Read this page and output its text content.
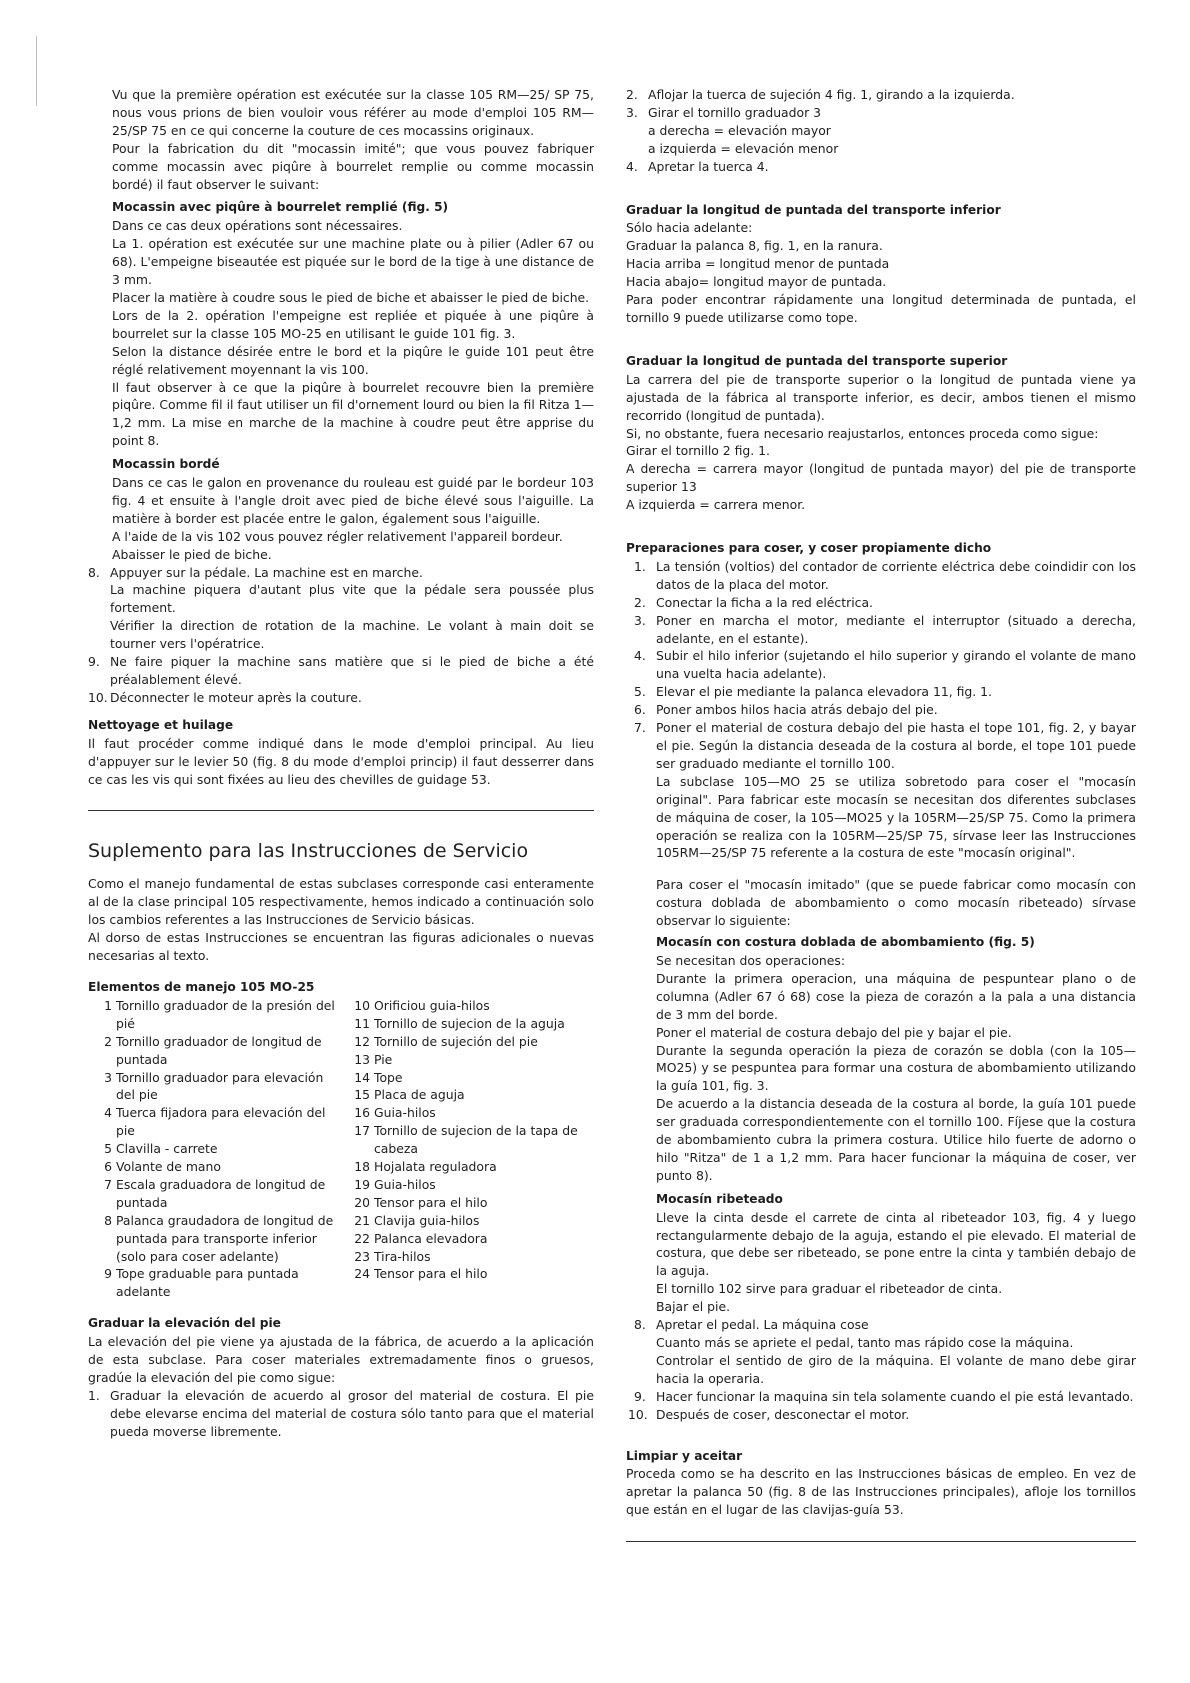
Vu que la première opération est exécutée sur la classe 105 RM—25/ SP 75, nous vous prions de bien vouloir vous référer au mode d'emploi 105 RM—25/SP 75 en ce qui concerne la couture de ces mocassins originaux.

Pour la fabrication du dit "mocassin imité"; que vous pouvez fabriquer comme mocassin avec piqûre à bourrelet remplie ou comme mocassin bordé) il faut observer le suivant:

Mocassin avec piqûre à bourrelet remplié (fig. 5)

Dans ce cas deux opérations sont nécessaires.

La 1. opération est exécutée sur une machine plate ou à pilier (Adler 67 ou 68). L'empeigne biseautée est piquée sur le bord de la tige à une distance de 3 mm.

Placer la matière à coudre sous le pied de biche et abaisser le pied de biche.

Lors de la 2. opération l'empeigne est repliée et piquée à une piqûre à bourrelet sur la classe 105 MO-25 en utilisant le guide 101 fig. 3.

Selon la distance désirée entre le bord et la piqûre le guide 101 peut être réglé relativement moyennant la vis 100.

Il faut observer à ce que la piqûre à bourrelet recouvre bien la première piqûre. Comme fil il faut utiliser un fil d'ornement lourd ou bien la fil Ritza 1—1,2 mm. La mise en marche de la machine à coudre peut être apprise du point 8.

Mocassin bordé

Dans ce cas le galon en provenance du rouleau est guidé par le bordeur 103 fig. 4 et ensuite à l'angle droit avec pied de biche élevé sous l'aiguille. La matière à border est placée entre le galon, également sous l'aiguille.

A l'aide de la vis 102 vous pouvez régler relativement l'appareil bordeur.

Abaisser le pied de biche.

8. Appuyer sur la pédale. La machine est en marche.
La machine piquera d'autant plus vite que la pédale sera poussée plus fortement.
Vérifier la direction de rotation de la machine. Le volant à main doit se tourner vers l'opératrice.
9. Ne faire piquer la machine sans matière que si le pied de biche a été préalablement élevé.
10. Déconnecter le moteur après la couture.
Nettoyage et huilage

Il faut procéder comme indiqué dans le mode d'emploi principal. Au lieu d'appuyer sur le levier 50 (fig. 8 du mode d'emploi princip) il faut desserrer dans ce cas les vis qui sont fixées au lieu des chevilles de guidage 53.

Suplemento para las Instrucciones de Servicio

Como el manejo fundamental de estas subclases corresponde casi enteramente al de la clase principal 105 respectivamente, hemos indicado a continuación solo los cambios referentes a las Instrucciones de Servicio básicas.

Al dorso de estas Instrucciones se encuentran las figuras adicionales o nuevas necesarias al texto.

Elementos de manejo 105 MO-25
1 Tornillo graduador de la presión del pié
2 Tornillo graduador de longitud de puntada
3 Tornillo graduador para elevación del pie
4 Tuerca fijadora para elevación del pie
5 Clavilla - carrete
6 Volante de mano
7 Escala graduadora de longitud de puntada
8 Palanca graudadora de longitud de puntada para transporte inferior (solo para coser adelante)
9 Tope graduable para puntada adelante
10 Orificiou guia-hilos
11 Tornillo de sujecion de la aguja
12 Tornillo de sujeción del pie
13 Pie
14 Tope
15 Placa de aguja
16 Guia-hilos
17 Tornillo de sujecion de la tapa de cabeza
18 Hojalata reguladora
19 Guia-hilos
20 Tensor para el hilo
21 Clavija guia-hilos
22 Palanca elevadora
23 Tira-hilos
24 Tensor para el hilo
Graduar la elevación del pie

La elevación del pie viene ya ajustada de la fábrica, de acuerdo a la aplicación de esta subclase. Para coser materiales extremadamente finos o gruesos, gradúe la elevación del pie como sigue:

1. Graduar la elevación de acuerdo al grosor del material de costura. El pie debe elevarse encima del material de costura sólo tanto para que el material pueda moverse libremente.
2. Aflojar la tuerca de sujeción 4 fig. 1, girando a la izquierda.
3. Girar el tornillo graduador 3
a derecha = elevación mayor
a izquierda = elevación menor
4. Apretar la tuerca 4.
Graduar la longitud de puntada del transporte inferior

Sólo hacia adelante:

Graduar la palanca 8, fig. 1, en la ranura.

Hacia arriba = longitud menor de puntada

Hacia abajo= longitud mayor de puntada.

Para poder encontrar rápidamente una longitud determinada de puntada, el tornillo 9 puede utilizarse como tope.

Graduar la longitud de puntada del transporte superior

La carrera del pie de transporte superior o la longitud de puntada viene ya ajustada de la fábrica al transporte inferior, es decir, ambos tienen el mismo recorrido (longitud de puntada).

Si, no obstante, fuera necesario reajustarlos, entonces proceda como sigue:

Girar el tornillo 2 fig. 1.

A derecha = carrera mayor (longitud de puntada mayor) del pie de transporte superior 13

A izquierda = carrera menor.

Preparaciones para coser, y coser propiamente dicho
1. La tensión (voltios) del contador de corriente eléctrica debe coindidir con los datos de la placa del motor.
2. Conectar la ficha a la red eléctrica.
3. Poner en marcha el motor, mediante el interruptor (situado a derecha, adelante, en el estante).
4. Subir el hilo inferior (sujetando el hilo superior y girando el volante de mano una vuelta hacia adelante).
5. Elevar el pie mediante la palanca elevadora 11, fig. 1.
6. Poner ambos hilos hacia atrás debajo del pie.
7. Poner el material de costura debajo del pie hasta el tope 101, fig. 2, y bayar el pie. Según la distancia deseada de la costura al borde, el tope 101 puede ser graduado mediante el tornillo 100.

La subclase 105—MO 25 se utiliza sobretodo para coser el "mocasín original". Para fabricar este mocasín se necesitan dos diferentes subclases de máquina de coser, la 105—MO25 y la 105RM—25/SP 75. Como la primera operación se realiza con la 105RM—25/SP 75, sírvase leer las Instrucciones 105RM—25/SP 75 referente a la costura de este "mocasín original".

Para coser el "mocasín imitado" (que se puede fabricar como mocasín con costura doblada de abombamiento o como mocasín ribeteado) sírvase observar lo siguiente:

Mocasín con costura doblada de abombamiento (fig. 5)

Se necesitan dos operaciones:

Durante la primera operacion, una máquina de pespuntear plano o de columna (Adler 67 ó 68) cose la pieza de corazón a la pala a una distancia de 3 mm del borde.

Poner el material de costura debajo del pie y bajar el pie.

Durante la segunda operación la pieza de corazón se dobla (con la 105—MO25) y se pespuntea para formar una costura de abombamiento utilizando la guía 101, fig. 3.

De acuerdo a la distancia deseada de la costura al borde, la guía 101 puede ser graduada correspondientemente con el tornillo 100. Fíjese que la costura de abombamiento cubra la primera costura. Utilice hilo fuerte de adorno o hilo "Ritza" de 1 a 1,2 mm. Para hacer funcionar la máquina de coser, ver punto 8).

Mocasín ribeteado

Lleve la cinta desde el carrete de cinta al ribeteador 103, fig. 4 y luego rectangularmente debajo de la aguja, estando el pie elevado. El material de costura, que debe ser ribeteado, se pone entre la cinta y también debajo de la aguja.

El tornillo 102 sirve para graduar el ribeteador de cinta.

Bajar el pie.

8. Apretar el pedal. La máquina cose
Cuanto más se apriete el pedal, tanto mas rápido cose la máquina.
Controlar el sentido de giro de la máquina. El volante de mano debe girar hacia la operaria.
9. Hacer funcionar la maquina sin tela solamente cuando el pie está levantado.
10. Después de coser, desconectar el motor.
Limpiar y aceitar

Proceda como se ha descrito en las Instrucciones básicas de empleo. En vez de apretar la palanca 50 (fig. 8 de las Instrucciones principales), afloje los tornillos que están en el lugar de las clavijas-guía 53.
